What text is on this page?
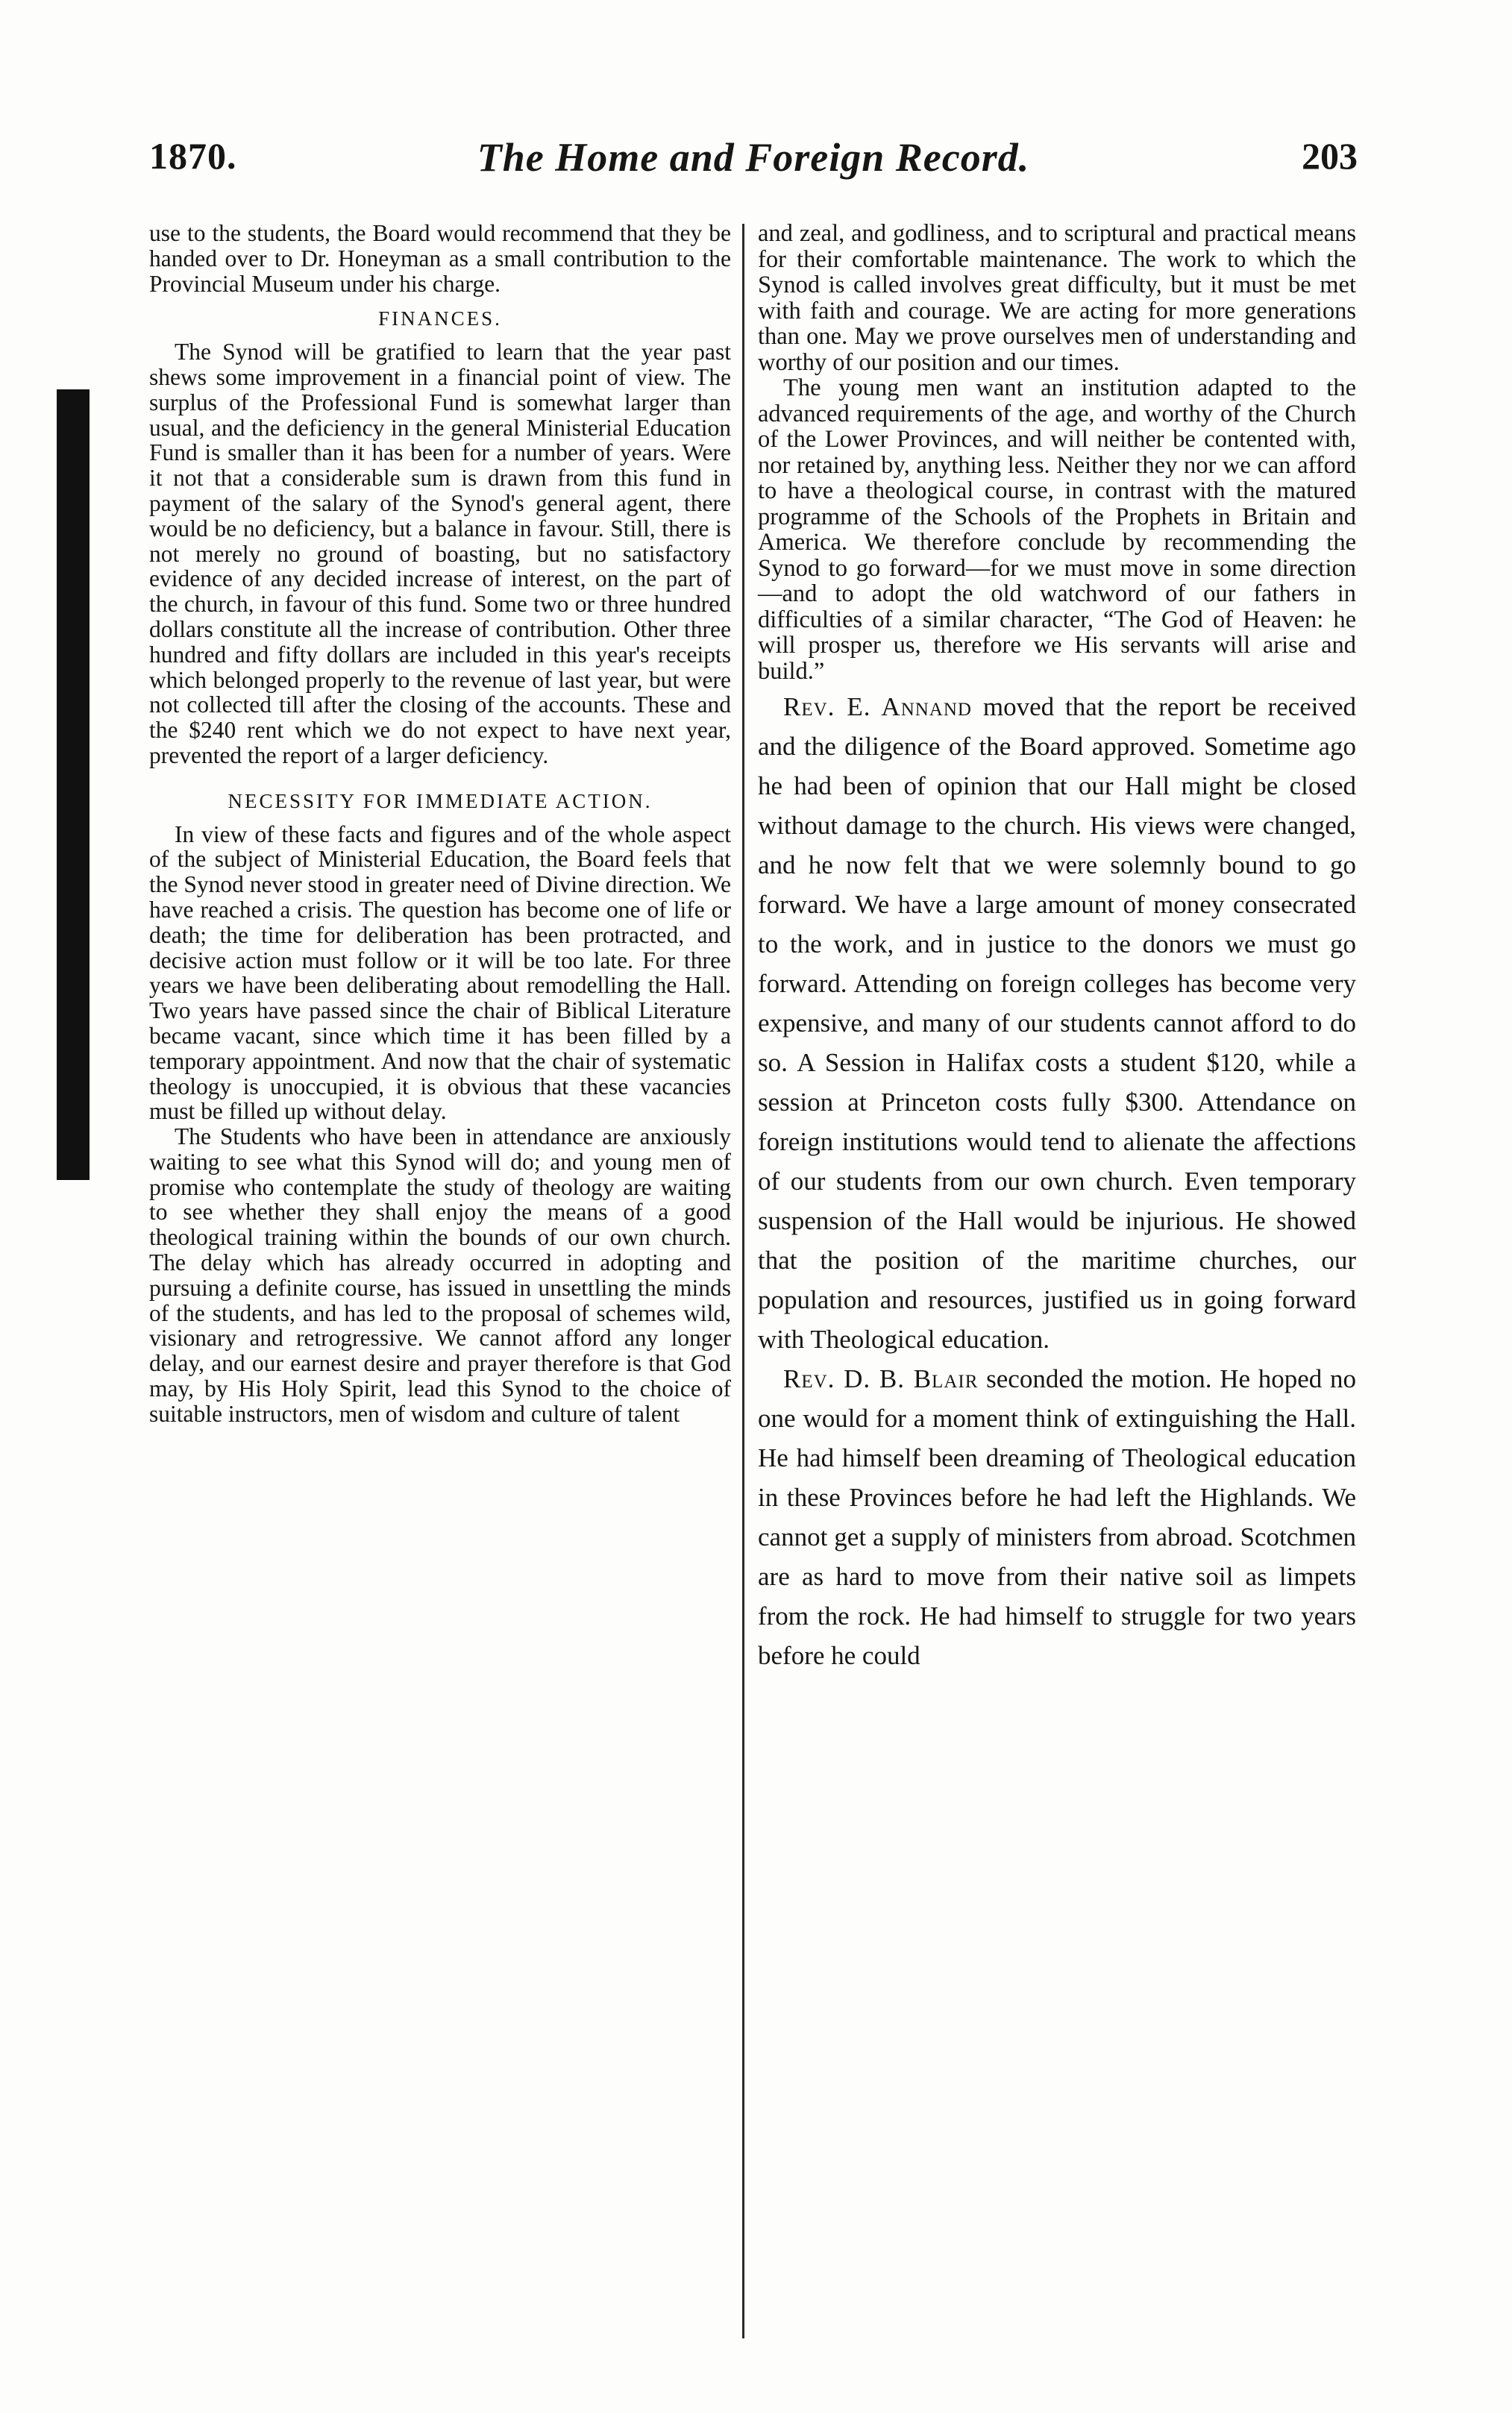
1870.	The Home and Foreign Record.	203

use to the students, the Board would recommend that they be handed over to Dr. Honeyman as a small contribution to the Provincial Museum under his charge.

FINANCES.

The Synod will be gratified to learn that the year past shews some improvement in a financial point of view. The surplus of the Professional Fund is somewhat larger than usual, and the deficiency in the general Ministerial Education Fund is smaller than it has been for a number of years. Were it not that a considerable sum is drawn from this fund in payment of the salary of the Synod's general agent, there would be no deficiency, but a balance in favour. Still, there is not merely no ground of boasting, but no satisfactory evidence of any decided increase of interest, on the part of the church, in favour of this fund. Some two or three hundred dollars constitute all the increase of contribution. Other three hundred and fifty dollars are included in this year's receipts which belonged properly to the revenue of last year, but were not collected till after the closing of the accounts. These and the $240 rent which we do not expect to have next year, prevented the report of a larger deficiency.

NECESSITY FOR IMMEDIATE ACTION.

In view of these facts and figures and of the whole aspect of the subject of Ministerial Education, the Board feels that the Synod never stood in greater need of Divine direction. We have reached a crisis. The question has become one of life or death; the time for deliberation has been protracted, and decisive action must follow or it will be too late. For three years we have been deliberating about remodelling the Hall. Two years have passed since the chair of Biblical Literature became vacant, since which time it has been filled by a temporary appointment. And now that the chair of systematic theology is unoccupied, it is obvious that these vacancies must be filled up without delay.

The Students who have been in attendance are anxiously waiting to see what this Synod will do; and young men of promise who contemplate the study of theology are waiting to see whether they shall enjoy the means of a good theological training within the bounds of our own church. The delay which has already occurred in adopting and pursuing a definite course, has issued in unsettling the minds of the students, and has led to the proposal of schemes wild, visionary and retrogressive. We cannot afford any longer delay, and our earnest desire and prayer therefore is that God may, by His Holy Spirit, lead this Synod to the choice of suitable instructors, men of wisdom and culture of talent

and zeal, and godliness, and to scriptural and practical means for their comfortable maintenance. The work to which the Synod is called involves great difficulty, but it must be met with faith and courage. We are acting for more generations than one. May we prove ourselves men of understanding and worthy of our position and our times.

The young men want an institution adapted to the advanced requirements of the age, and worthy of the Church of the Lower Provinces, and will neither be contented with, nor retained by, anything less. Neither they nor we can afford to have a theological course, in contrast with the matured programme of the Schools of the Prophets in Britain and America. We therefore conclude by recommending the Synod to go forward—for we must move in some direction—and to adopt the old watchword of our fathers in difficulties of a similar character, “The God of Heaven: he will prosper us, therefore we His servants will arise and build.”

Rev. E. Annand moved that the report be received and the diligence of the Board approved. Sometime ago he had been of opinion that our Hall might be closed without damage to the church. His views were changed, and he now felt that we were solemnly bound to go forward. We have a large amount of money consecrated to the work, and in justice to the donors we must go forward. Attending on foreign colleges has become very expensive, and many of our students cannot afford to do so. A Session in Halifax costs a student $120, while a session at Princeton costs fully $300. Attendance on foreign institutions would tend to alienate the affections of our students from our own church. Even temporary suspension of the Hall would be injurious. He showed that the position of the maritime churches, our population and resources, justified us in going forward with Theological education.

Rev. D. B. Blair seconded the motion. He hoped no one would for a moment think of extinguishing the Hall. He had himself been dreaming of Theological education in these Provinces before he had left the Highlands. We cannot get a supply of ministers from abroad. Scotchmen are as hard to move from their native soil as limpets from the rock. He had himself to struggle for two years before he could
